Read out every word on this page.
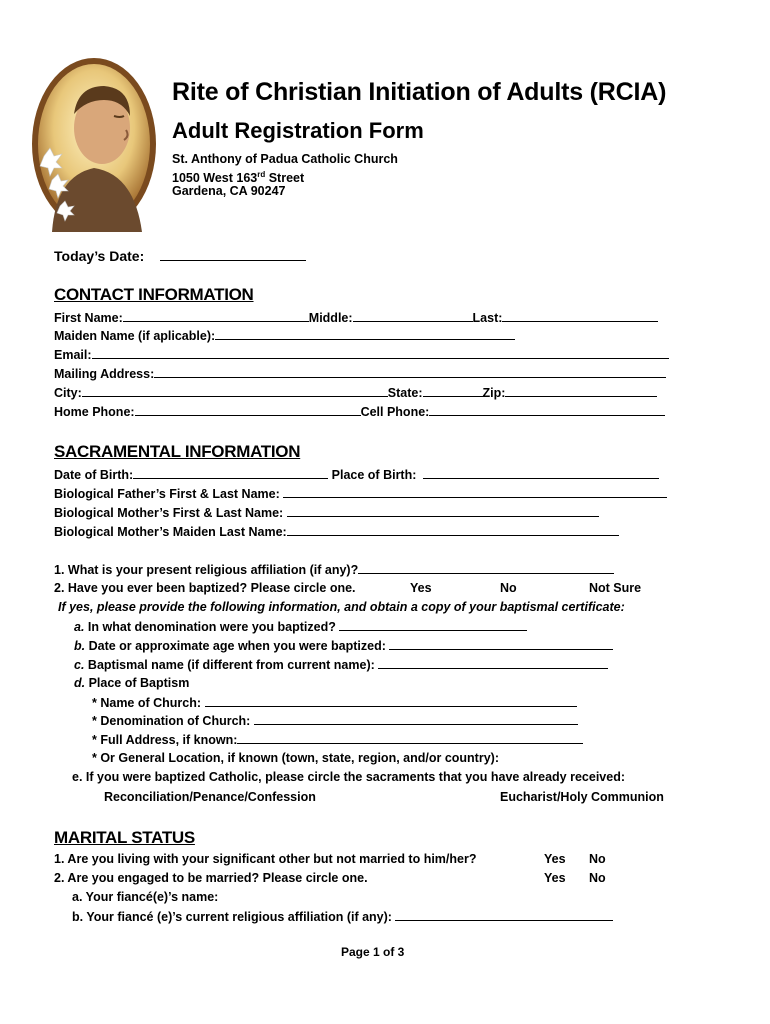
Rite of Christian Initiation of Adults (RCIA)
Adult Registration Form
St. Anthony of Padua Catholic Church
1050 West 163rd Street
Gardena, CA 90247
Today’s Date:
CONTACT INFORMATION
First Name:	Middle:	Last:
Maiden Name (if aplicable):
Email:
Mailing Address:
City:	State:	Zip:
Home Phone:	Cell Phone:
SACRAMENTAL INFORMATION
Date of Birth:	Place of Birth:
Biological Father’s First & Last Name:
Biological Mother’s First & Last Name:
Biological Mother’s Maiden Last Name:
1. What is your present religious affiliation (if any)?
2. Have you ever been baptized? Please circle one.	Yes	No	Not Sure
If yes, please provide the following information, and obtain a copy of your baptismal certificate:
a. In what denomination were you baptized?
b. Date or approximate age when you were baptized:
c. Baptismal name (if different from current name):
d. Place of Baptism
* Name of Church:
* Denomination of Church:
* Full Address, if known:
* Or General Location, if known (town, state, region, and/or country):
e. If you were baptized Catholic, please circle the sacraments that you have already received:
Reconciliation/Penance/Confession	Eucharist/Holy Communion
MARITAL STATUS
1. Are you living with your significant other but not married to him/her?	Yes No
2. Are you engaged to be married? Please circle one.	Yes No
a. Your fiancé(e)’s name:
b. Your fiancé (e)’s current religious affiliation (if any):
Page 1 of 3
